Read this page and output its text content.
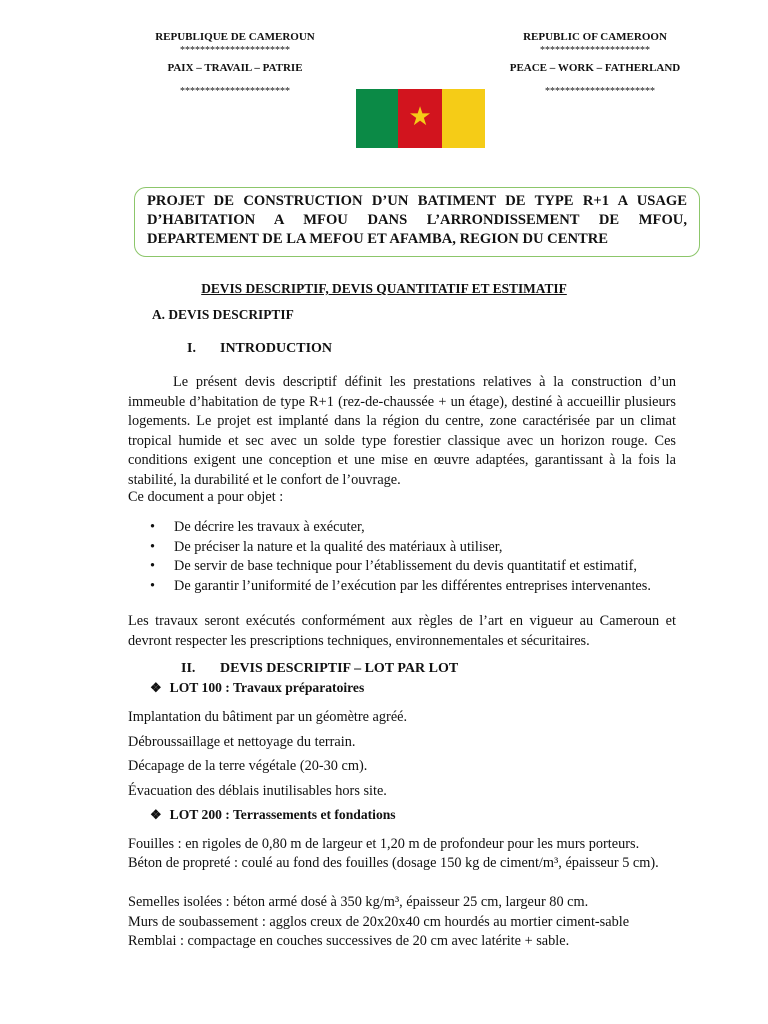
REPUBLIQUE DE CAMEROUN
**********************
PAIX – TRAVAIL – PATRIE
**********************
REPUBLIC OF CAMEROON
**********************
PEACE – WORK – FATHERLAND
**********************
★
PROJET DE CONSTRUCTION D’UN BATIMENT DE TYPE R+1 A USAGE D’HABITATION A MFOU DANS L’ARRONDISSEMENT DE MFOU, DEPARTEMENT DE LA MEFOU ET AFAMBA, REGION DU CENTRE
DEVIS DESCRIPTIF, DEVIS QUANTITATIF ET ESTIMATIF
A. DEVIS DESCRIPTIF
I. INTRODUCTION
Le présent devis descriptif définit les prestations relatives à la construction d’un immeuble d’habitation de type R+1 (rez-de-chaussée + un étage), destiné à accueillir plusieurs logements. Le projet est implanté dans la région du centre, zone caractérisée par un climat tropical humide et sec avec un solde type forestier classique avec un horizon rouge. Ces conditions exigent une conception et une mise en œuvre adaptées, garantissant à la fois la stabilité, la durabilité et le confort de l’ouvrage.
Ce document a pour objet :
• De décrire les travaux à exécuter,
• De préciser la nature et la qualité des matériaux à utiliser,
• De servir de base technique pour l’établissement du devis quantitatif et estimatif,
• De garantir l’uniformité de l’exécution par les différentes entreprises intervenantes.
Les travaux seront exécutés conformément aux règles de l’art en vigueur au Cameroun et devront respecter les prescriptions techniques, environnementales et sécuritaires.
II. DEVIS DESCRIPTIF – LOT PAR LOT
❖ LOT 100 : Travaux préparatoires
Implantation du bâtiment par un géomètre agréé.
Débroussaillage et nettoyage du terrain.
Décapage de la terre végétale (20-30 cm).
Évacuation des déblais inutilisables hors site.
❖ LOT 200 : Terrassements et fondations
Fouilles : en rigoles de 0,80 m de largeur et 1,20 m de profondeur pour les murs porteurs.
Béton de propreté : coulé au fond des fouilles (dosage 150 kg de ciment/m³, épaisseur 5 cm).
Semelles isolées : béton armé dosé à 350 kg/m³, épaisseur 25 cm, largeur 80 cm.
Murs de soubassement : agglos creux de 20x20x40 cm hourdés au mortier ciment-sable
Remblai : compactage en couches successives de 20 cm avec latérite + sable.
